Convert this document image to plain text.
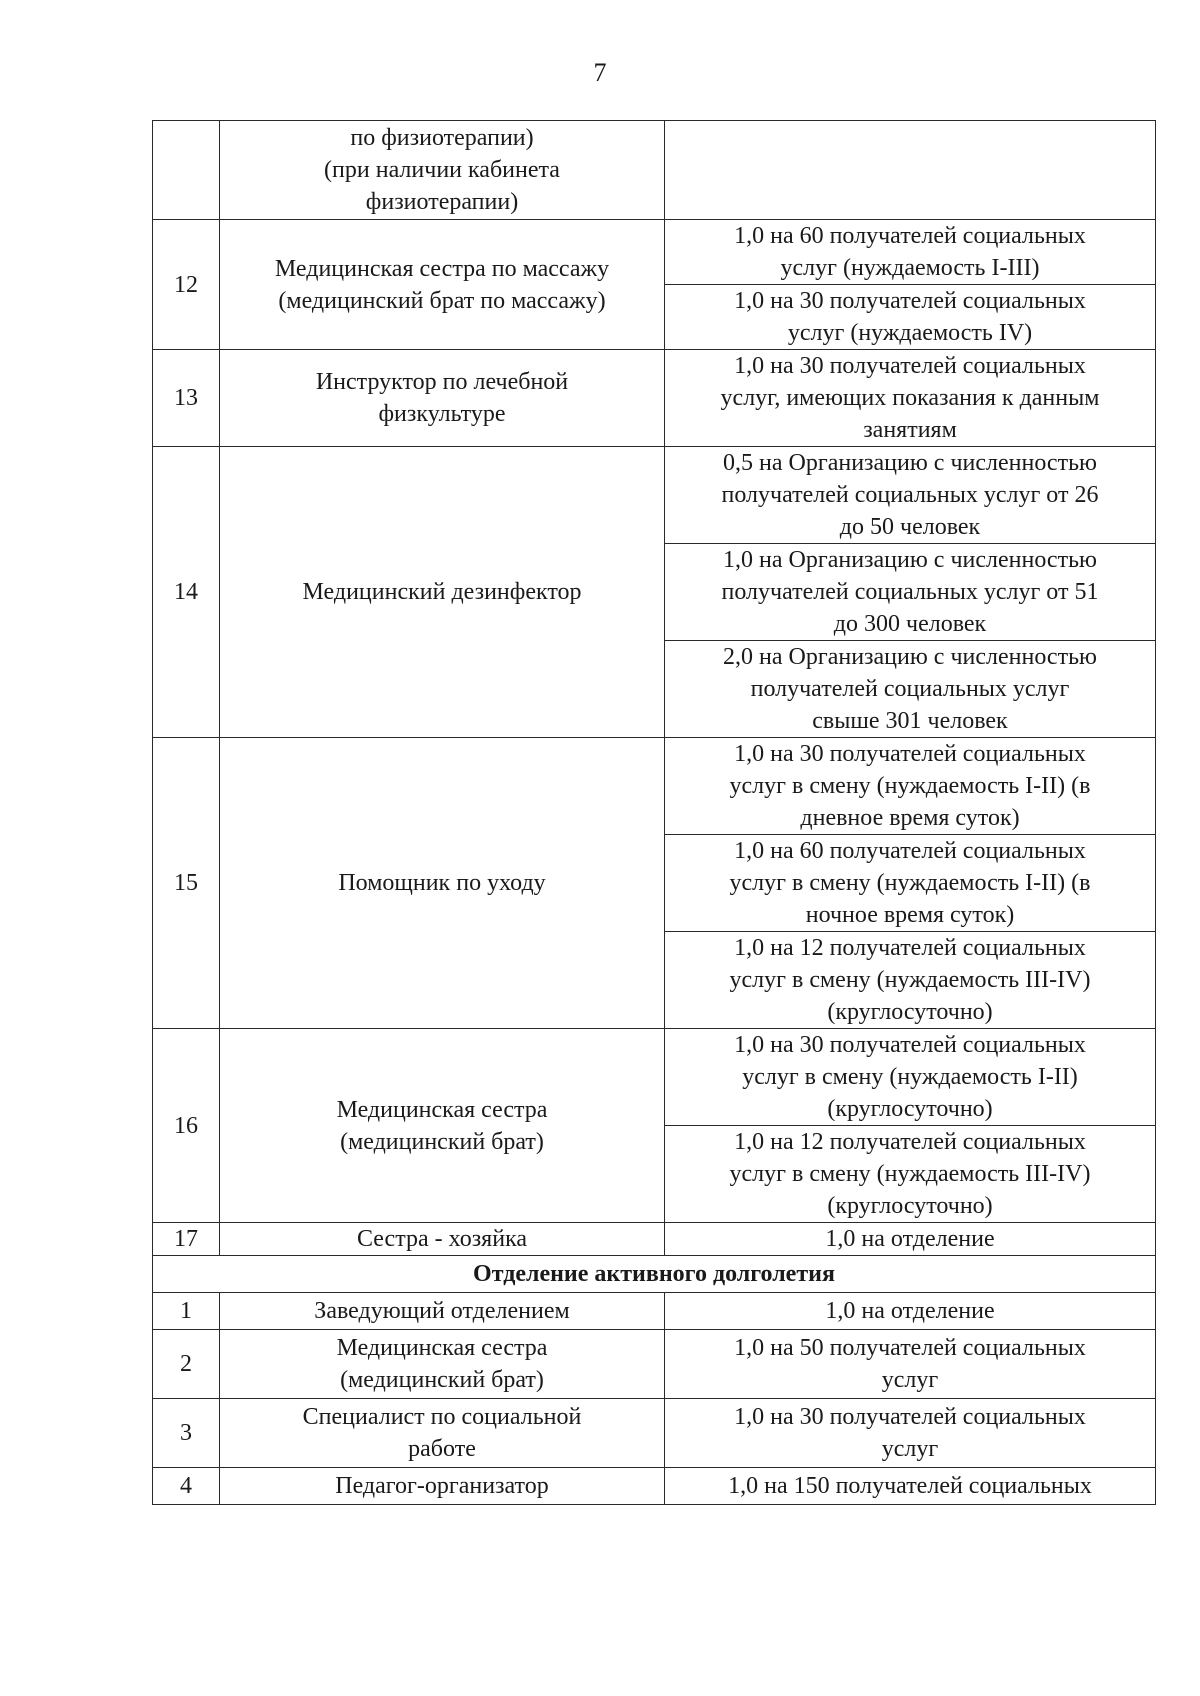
7
	по физиотерапии)
(при наличии кабинета
физиотерапии)	
12	Медицинская сестра по массажу
(медицинский брат по массажу)	1,0 на 60 получателей социальных
услуг (нуждаемость I-III)
		1,0 на 30 получателей социальных
услуг (нуждаемость IV)
13	Инструктор по лечебной
физкультуре	1,0 на 30 получателей социальных
услуг, имеющих показания к данным
занятиям
14	Медицинский дезинфектор	0,5 на Организацию с численностью
получателей социальных услуг от 26
до 50 человек
		1,0 на Организацию с численностью
получателей социальных услуг от 51
до 300 человек
		2,0 на Организацию с численностью
получателей социальных услуг
свыше 301 человек
15	Помощник по уходу	1,0 на 30 получателей социальных
услуг в смену (нуждаемость I-II) (в
дневное время суток)
		1,0 на 60 получателей социальных
услуг в смену (нуждаемость I-II) (в
ночное время суток)
		1,0 на 12 получателей социальных
услуг в смену (нуждаемость III-IV)
(круглосуточно)
16	Медицинская сестра
(медицинский брат)	1,0 на 30 получателей социальных
услуг в смену (нуждаемость I-II)
(круглосуточно)
		1,0 на 12 получателей социальных
услуг в смену (нуждаемость III-IV)
(круглосуточно)
17	Сестра - хозяйка	1,0 на отделение
Отделение активного долголетия		
1	Заведующий отделением	1,0 на отделение
2	Медицинская сестра
(медицинский брат)	1,0 на 50 получателей социальных
услуг
3	Специалист по социальной
работе	1,0 на 30 получателей социальных
услуг
4	Педагог-организатор	1,0 на 150 получателей социальных
